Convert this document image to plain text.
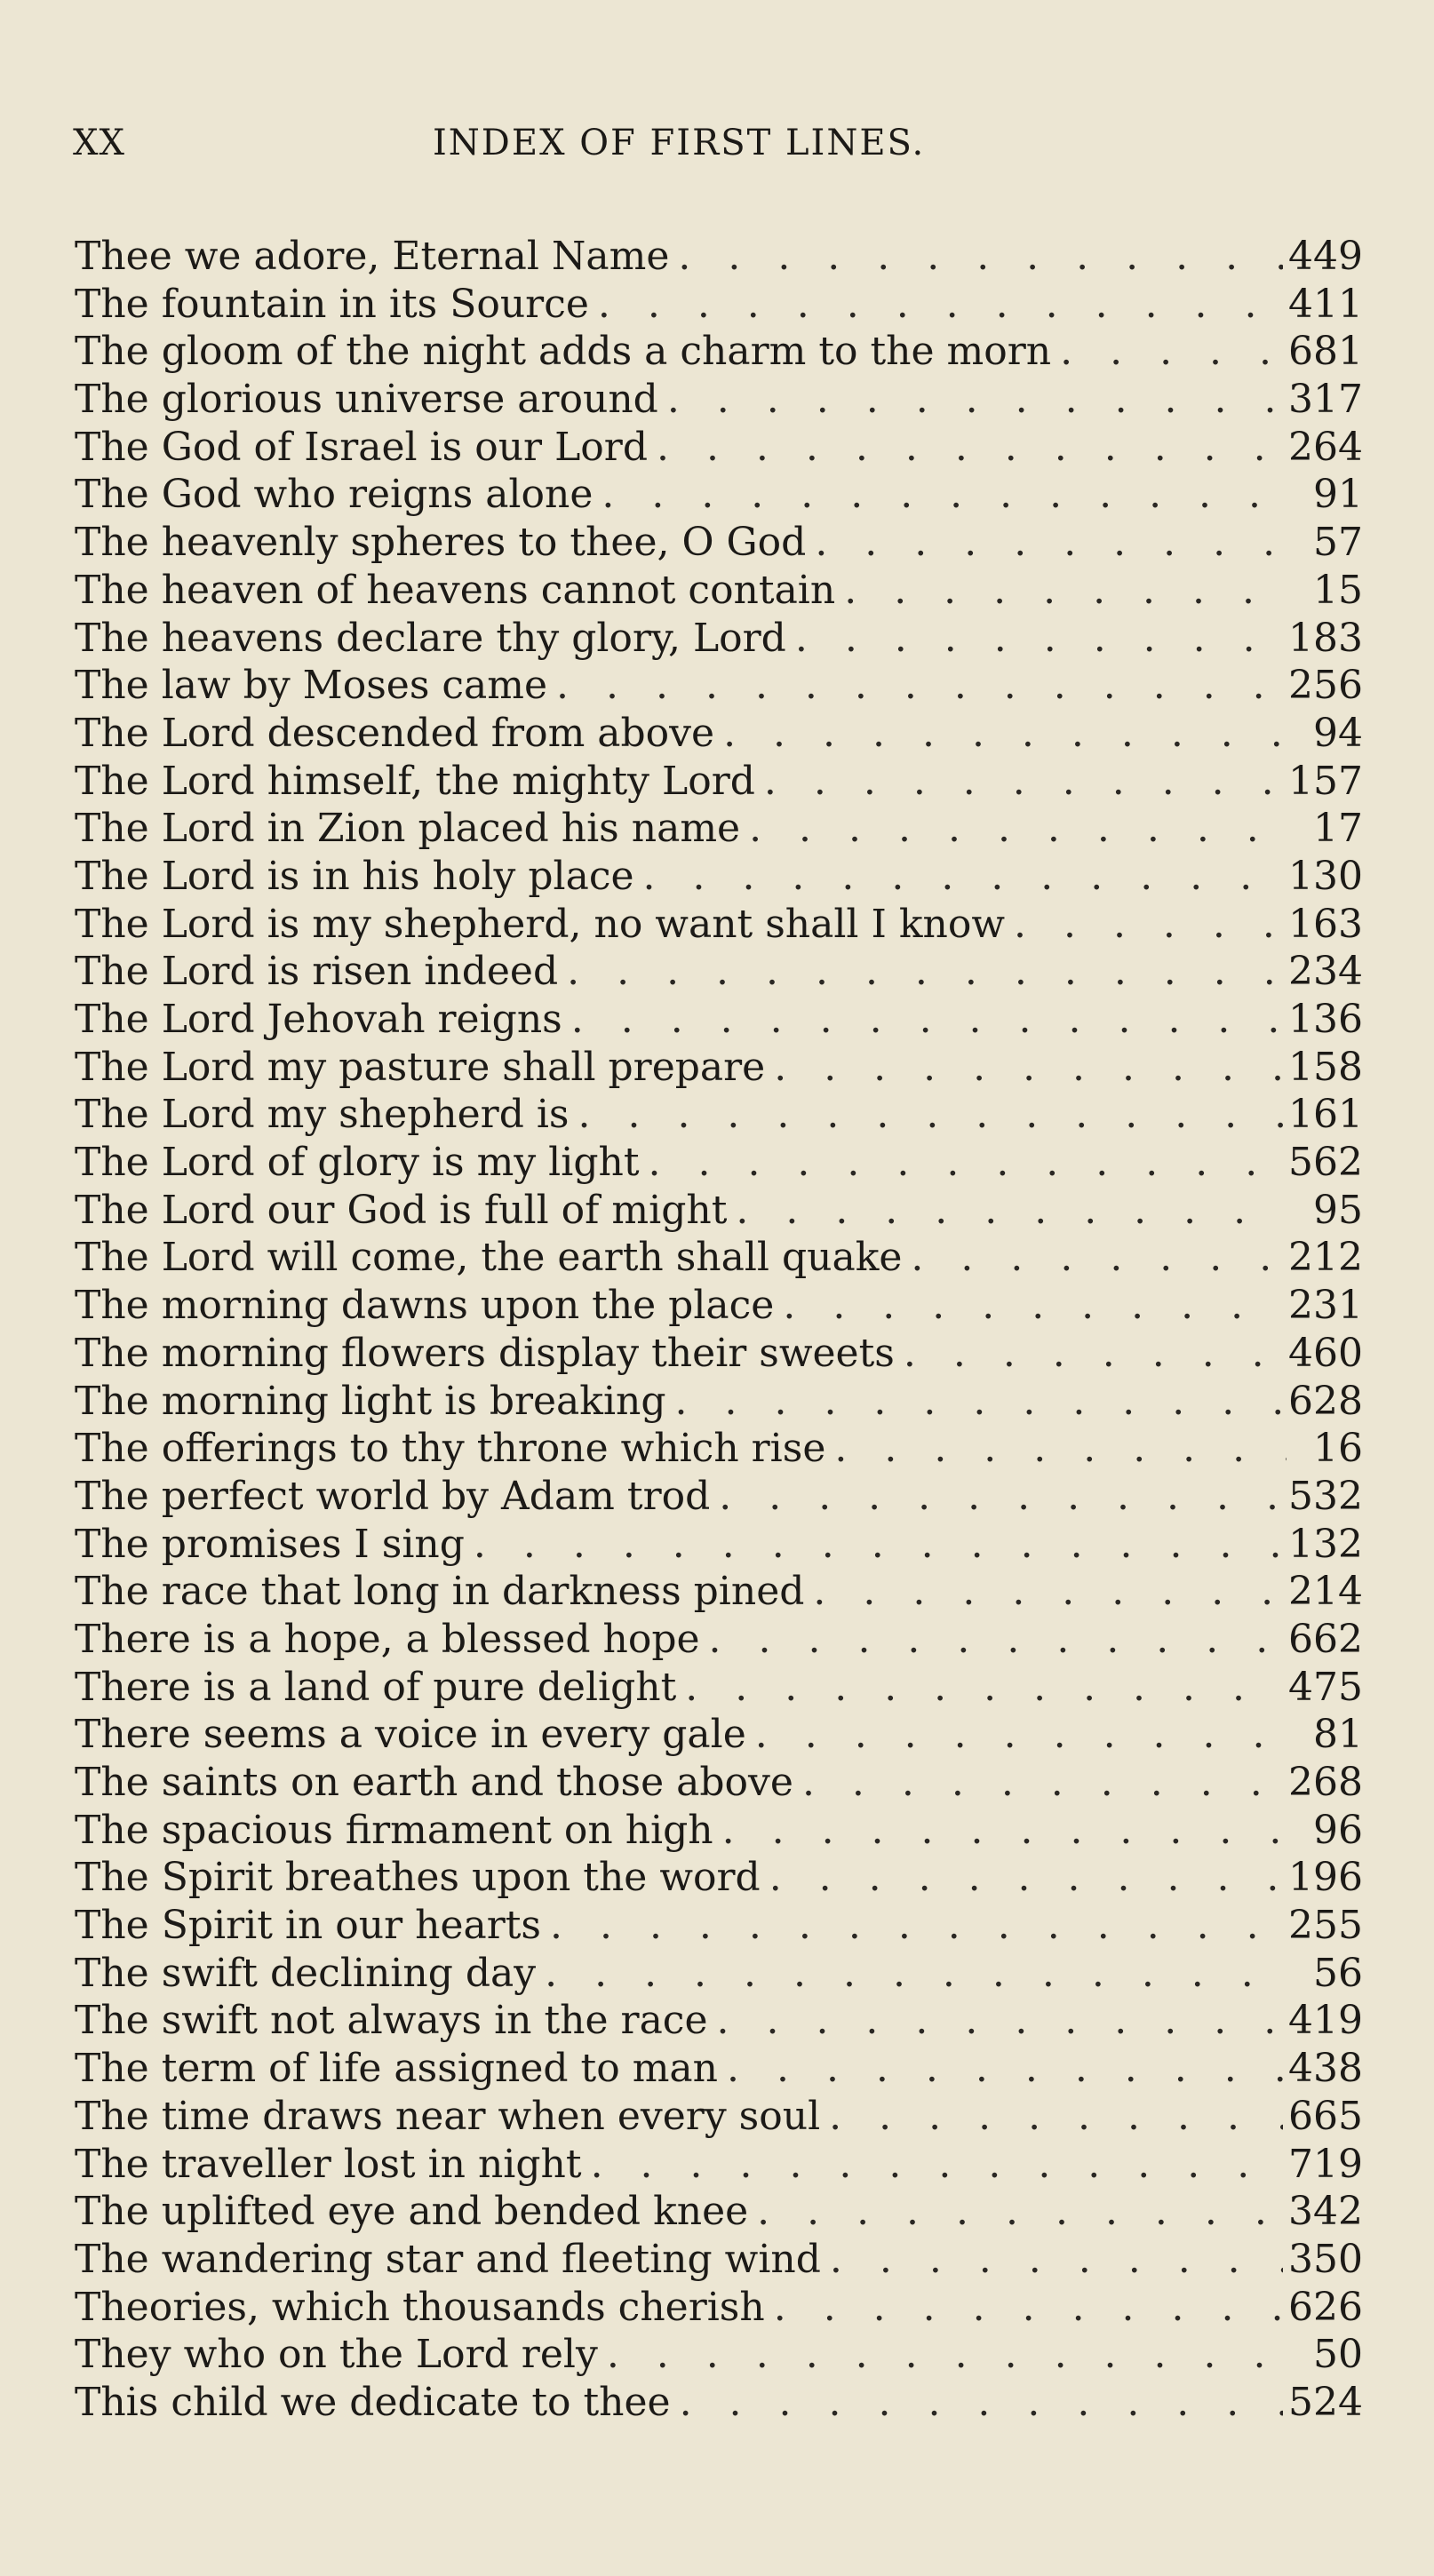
XX	INDEX OF FIRST LINES.
Thee we adore, Eternal Name . . .	449
The fountain in its Source . . .	411
The gloom of the night adds a charm to the morn . . .	681
The glorious universe around . . .	317
The God of Israel is our Lord . . .	264
The God who reigns alone . . .	91
The heavenly spheres to thee, O God . . .	57
The heaven of heavens cannot contain . . .	15
The heavens declare thy glory, Lord . . .	183
The law by Moses came . . .	256
The Lord descended from above . . .	94
The Lord himself, the mighty Lord . . .	157
The Lord in Zion placed his name . . .	17
The Lord is in his holy place . . .	130
The Lord is my shepherd, no want shall I know . . .	163
The Lord is risen indeed . . .	234
The Lord Jehovah reigns . . .	136
The Lord my pasture shall prepare . . .	158
The Lord my shepherd is . . .	161
The Lord of glory is my light . . .	562
The Lord our God is full of might . . .	95
The Lord will come, the earth shall quake . . .	212
The morning dawns upon the place . . .	231
The morning flowers display their sweets . . .	460
The morning light is breaking . . .	628
The offerings to thy throne which rise . . .	16
The perfect world by Adam trod . . .	532
The promises I sing . . .	132
The race that long in darkness pined . . .	214
There is a hope, a blessed hope . . .	662
There is a land of pure delight . . .	475
There seems a voice in every gale . . .	81
The saints on earth and those above . . .	268
The spacious firmament on high . . .	96
The Spirit breathes upon the word . . .	196
The Spirit in our hearts . . .	255
The swift declining day . . .	56
The swift not always in the race . . .	419
The term of life assigned to man . . .	438
The time draws near when every soul . . .	665
The traveller lost in night . . .	719
The uplifted eye and bended knee . . .	342
The wandering star and fleeting wind . . .	350
Theories, which thousands cherish . . .	626
They who on the Lord rely . . .	50
This child we dedicate to thee . . .	524
